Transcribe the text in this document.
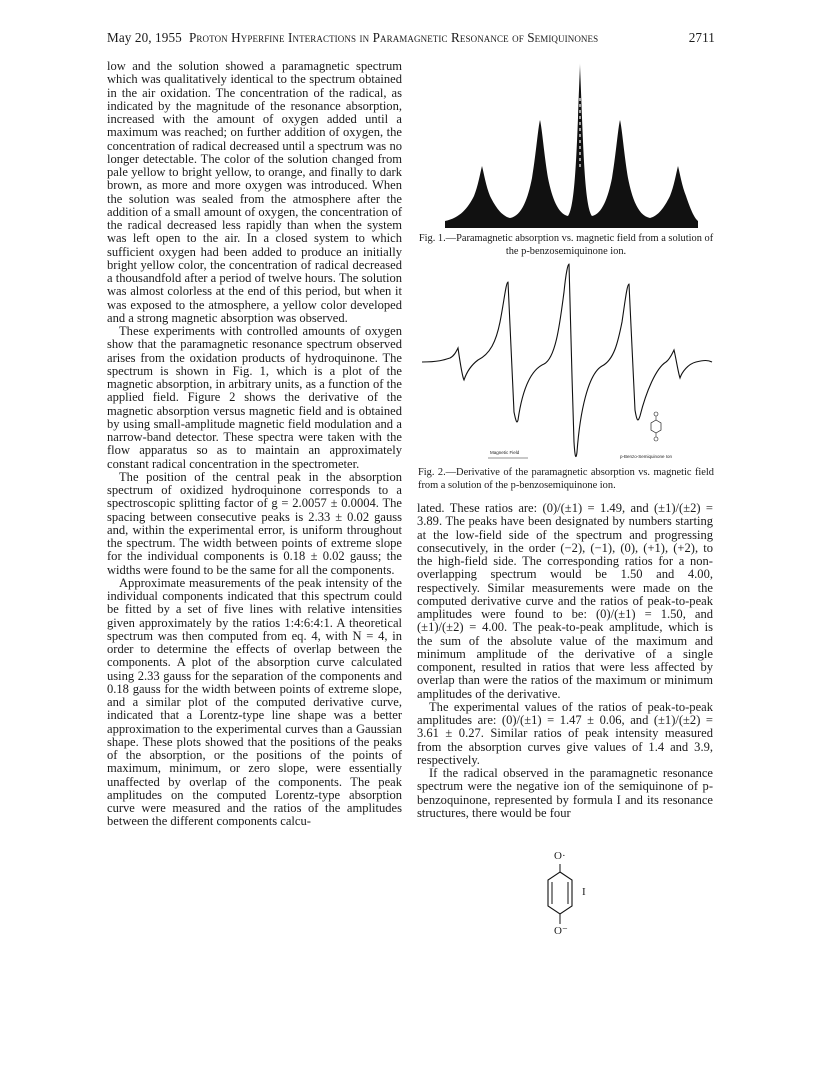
May 20, 1955 Proton Hyperfine Interactions in Paramagnetic Resonance of Semiquinones	2711

low and the solution showed a paramagnetic spectrum which was qualitatively identical to the spectrum obtained in the air oxidation. The concentration of the radical, as indicated by the magnitude of the resonance absorption, increased with the amount of oxygen added until a maximum was reached; on further addition of oxygen, the concentration of radical decreased until a spectrum was no longer detectable. The color of the solution changed from pale yellow to bright yellow, to orange, and finally to dark brown, as more and more oxygen was introduced. When the solution was sealed from the atmosphere after the addition of a small amount of oxygen, the concentration of the radical decreased less rapidly than when the system was left open to the air. In a closed system to which sufficient oxygen had been added to produce an initially bright yellow color, the concentration of radical decreased a thousandfold after a period of twelve hours. The solution was almost colorless at the end of this period, but when it was exposed to the atmosphere, a yellow color developed and a strong magnetic absorption was observed.

These experiments with controlled amounts of oxygen show that the paramagnetic resonance spectrum observed arises from the oxidation products of hydroquinone. The spectrum is shown in Fig. 1, which is a plot of the magnetic absorption, in arbitrary units, as a function of the applied field. Figure 2 shows the derivative of the magnetic absorption versus magnetic field and is obtained by using small-amplitude magnetic field modulation and a narrow-band detector. These spectra were taken with the flow apparatus so as to maintain an approximately constant radical concentration in the spectrometer.

The position of the central peak in the absorption spectrum of oxidized hydroquinone corresponds to a spectroscopic splitting factor of g = 2.0057 ± 0.0004. The spacing between consecutive peaks is 2.33 ± 0.02 gauss and, within the experimental error, is uniform throughout the spectrum. The width between points of extreme slope for the individual components is 0.18 ± 0.02 gauss; the widths were found to be the same for all the components.

Approximate measurements of the peak intensity of the individual components indicated that this spectrum could be fitted by a set of five lines with relative intensities given approximately by the ratios 1:4:6:4:1. A theoretical spectrum was then computed from eq. 4, with N = 4, in order to determine the effects of overlap between the components. A plot of the absorption curve calculated using 2.33 gauss for the separation of the components and 0.18 gauss for the width between points of extreme slope, and a similar plot of the computed derivative curve, indicated that a Lorentz-type line shape was a better approximation to the experimental curves than a Gaussian shape. These plots showed that the positions of the peaks of the absorption, or the positions of the points of maximum, minimum, or zero slope, were essentially unaffected by overlap of the components. The peak amplitudes on the computed Lorentz-type absorption curve were measured and the ratios of the amplitudes between the different components calcu-

Fig. 1.—Paramagnetic absorption vs. magnetic field from a solution of the p-benzosemiquinone ion.
Magnetic Field
p-Benzo-Semiquinone Ion
Fig. 2.—Derivative of the paramagnetic absorption vs. magnetic field from a solution of the p-benzosemiquinone ion.

lated. These ratios are: (0)/(±1) = 1.49, and (±1)/(±2) = 3.89. The peaks have been designated by numbers starting at the low-field side of the spectrum and progressing consecutively, in the order (−2), (−1), (0), (+1), (+2), to the high-field side. The corresponding ratios for a non-overlapping spectrum would be 1.50 and 4.00, respectively. Similar measurements were made on the computed derivative curve and the ratios of peak-to-peak amplitudes were found to be: (0)/(±1) = 1.50, and (±1)/(±2) = 4.00. The peak-to-peak amplitude, which is the sum of the absolute value of the maximum and minimum amplitude of the derivative of a single component, resulted in ratios that were less affected by overlap than were the ratios of the maximum or minimum amplitudes of the derivative.

The experimental values of the ratios of peak-to-peak amplitudes are: (0)/(±1) = 1.47 ± 0.06, and (±1)/(±2) = 3.61 ± 0.27. Similar ratios of peak intensity measured from the absorption curves give values of 1.4 and 3.9, respectively.

If the radical observed in the paramagnetic resonance spectrum were the negative ion of the semiquinone of p-benzoquinone, represented by formula I and its resonance structures, there would be four

O·
I
O⁻
